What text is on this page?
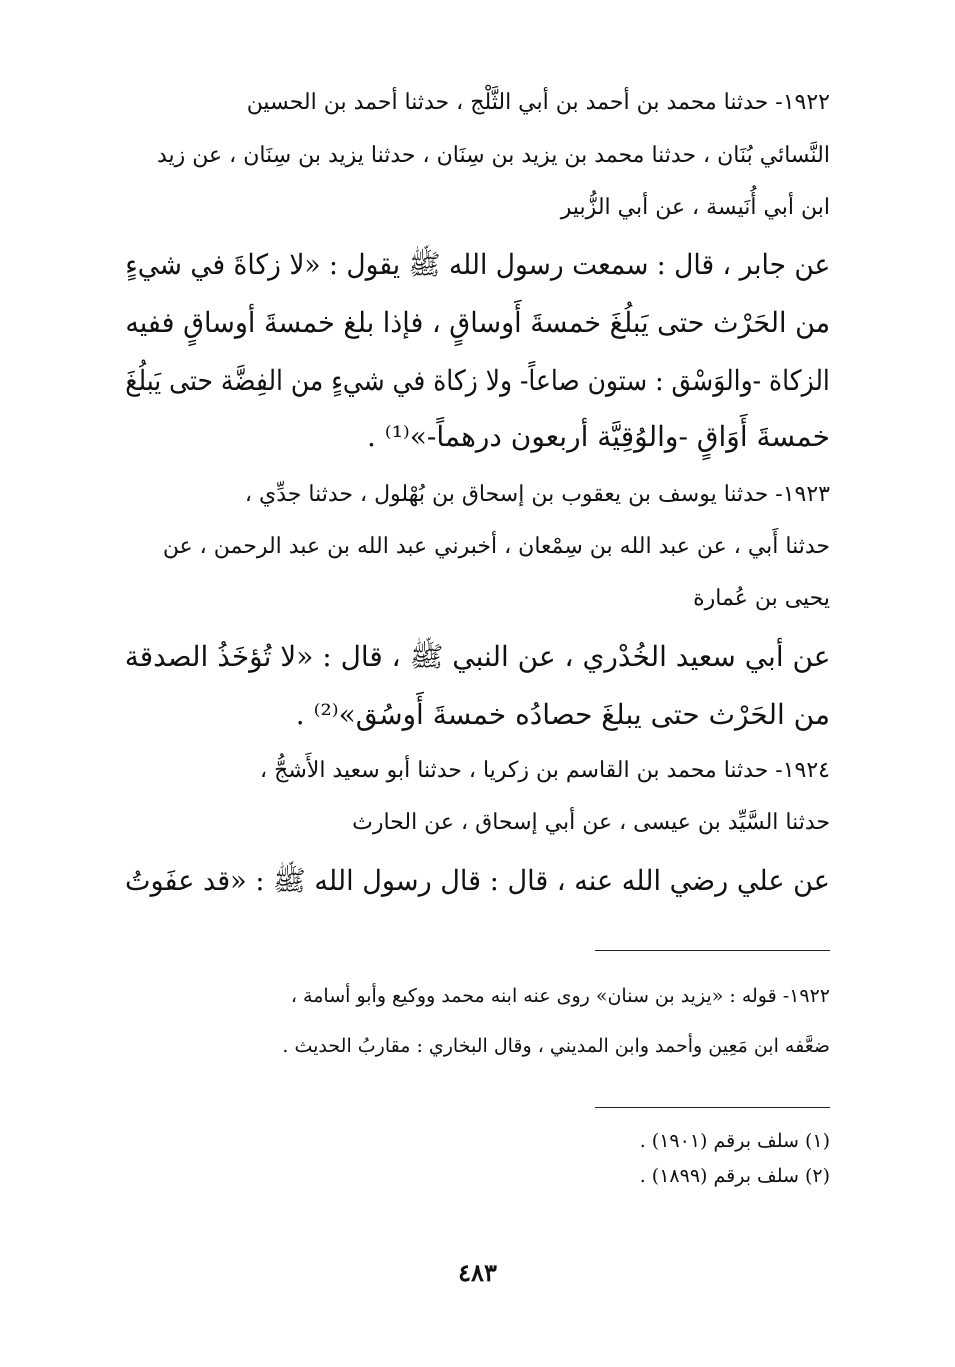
١٩٢٢- حدثنا محمد بن أحمد بن أبي الثَّلْج ، حدثنا أحمد بن الحسين
النَّسائي بُنَان ، حدثنا محمد بن يزيد بن سِنَان ، حدثنا يزيد بن سِنَان ، عن زيد
ابن أبي أُنَيسة ، عن أبي الزُّبير
عن جابر ، قال : سمعت رسول الله ﷺ يقول : «لا زكاةَ في شيءٍ
من الحَرْث حتى يَبلُغَ خمسةَ أَوساقٍ ، فإذا بلغ خمسةَ أوساقٍ ففيه
الزكاة -والوَسْق : ستون صاعاً- ولا زكاة في شيءٍ من الفِضَّة حتى يَبلُغَ
خمسةَ أَوَاقٍ -والوُقِيَّة أربعون درهماً-»⁽¹⁾ .
١٩٢٣- حدثنا يوسف بن يعقوب بن إسحاق بن بُهْلول ، حدثنا جدِّي ،
حدثنا أَبي ، عن عبد الله بن سِمْعان ، أخبرني عبد الله بن عبد الرحمن ، عن
يحيى بن عُمارة
عن أبي سعيد الخُدْري ، عن النبي ﷺ ، قال : «لا تُؤخَذُ الصدقة
من الحَرْث حتى يبلغَ حصادُه خمسةَ أَوسُق»⁽²⁾ .
١٩٢٤- حدثنا محمد بن القاسم بن زكريا ، حدثنا أبو سعيد الأَشجُّ ،
حدثنا السَّيِّد بن عيسى ، عن أبي إسحاق ، عن الحارث
عن علي رضي الله عنه ، قال : قال رسول الله ﷺ : «قد عفَوتُ
١٩٢٢- قوله : «يزيد بن سنان» روى عنه ابنه محمد ووكيع وأبو أسامة ،
ضعَّفه ابن مَعِين وأحمد وابن المديني ، وقال البخاري : مقاربُ الحديث .
(١) سلف برقم (١٩٠١) .
(٢) سلف برقم (١٨٩٩) .
٤٨٣
